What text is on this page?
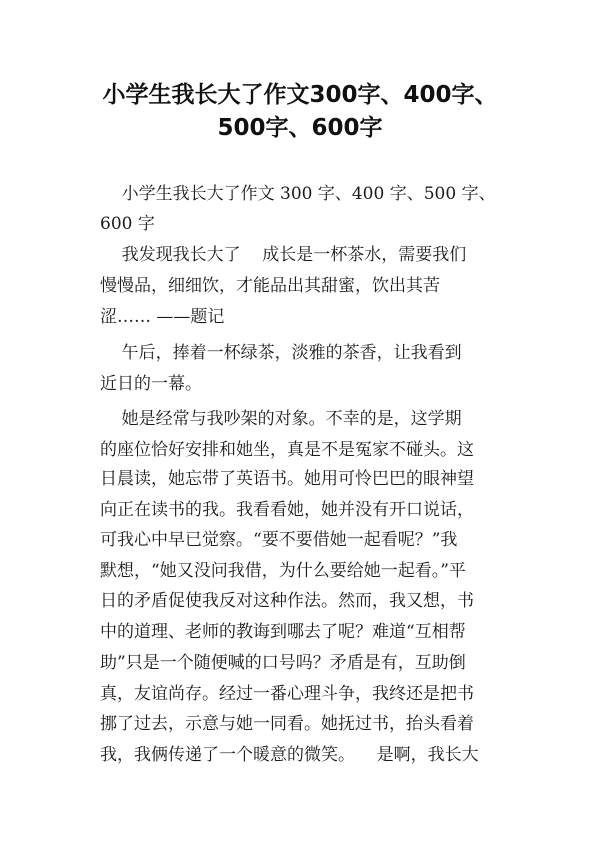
小学生我长大了作文300字、400字、
500字、600字

小学生我长大了作文 300 字、400 字、500 字、

600 字

我发现我长大了    成长是一杯茶水，需要我们

慢慢品，细细饮，才能品出其甜蜜，饮出其苦

涩…… ——题记

午后，捧着一杯绿茶，淡雅的茶香，让我看到

近日的一幕。

她是经常与我吵架的对象。不幸的是，这学期

的座位恰好安排和她坐，真是不是冤家不碰头。这

日晨读，她忘带了英语书。她用可怜巴巴的眼神望

向正在读书的我。我看看她，她并没有开口说话，

可我心中早已觉察。“要不要借她一起看呢？”我

默想，“她又没问我借，为什么要给她一起看。”平

日的矛盾促使我反对这种作法。然而，我又想，书

中的道理、老师的教诲到哪去了呢？难道“互相帮

助”只是一个随便喊的口号吗？矛盾是有，互助倒

真，友谊尚存。经过一番心理斗争，我终还是把书

挪了过去，示意与她一同看。她抚过书，抬头看着

我，我俩传递了一个暖意的微笑。    是啊，我长大
